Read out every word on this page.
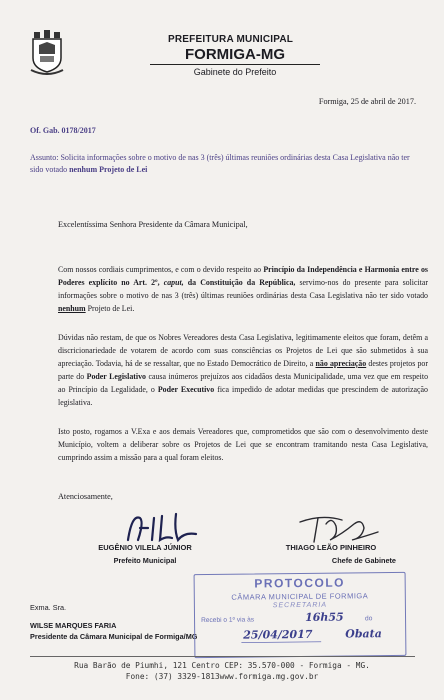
PREFEITURA MUNICIPAL
FORMIGA-MG
Gabinete do Prefeito
Formiga, 25 de abril de 2017.
Of. Gab. 0178/2017
Assunto: Solicita informações sobre o motivo de nas 3 (três) últimas reuniões ordinárias desta Casa Legislativa não ter sido votado nenhum Projeto de Lei
Excelentíssima Senhora Presidente da Câmara Municipal,
Com nossos cordiais cumprimentos, e com o devido respeito ao Princípio da Independência e Harmonia entre os Poderes explícito no Art. 2º, caput, da Constituição da República, servimo-nos do presente para solicitar informações sobre o motivo de nas 3 (três) últimas reuniões ordinárias desta Casa Legislativa não ter sido votado nenhum Projeto de Lei.
Dúvidas não restam, de que os Nobres Vereadores desta Casa Legislativa, legitimamente eleitos que foram, detêm a discricionariedade de votarem de acordo com suas consciências os Projetos de Lei que são submetidos à sua apreciação. Todavia, há de se ressaltar, que no Estado Democrático de Direito, a não apreciação destes projetos por parte do Poder Legislativo causa inúmeros prejuízos aos cidadãos desta Municipalidade, uma vez que em respeito ao Princípio da Legalidade, o Poder Executivo fica impedido de adotar medidas que prescindem de autorização legislativa.
Isto posto, rogamos a V.Exa e aos demais Vereadores que, comprometidos que são com o desenvolvimento deste Município, voltem a deliberar sobre os Projetos de Lei que se encontram tramitando nesta Casa Legislativa, cumprindo assim a missão para a qual foram eleitos.
Atenciosamente,
EUGÊNIO VILELA JÚNIOR
Prefeito Municipal
THIAGO LEÃO PINHEIRO
Chefe de Gabinete
Exma. Sra.
WILSE MARQUES FARIA
Presidente da Câmara Municipal de Formiga/MG
PROTOCOLO
CÂMARA MUNICIPAL DE FORMIGA
SECRETARIA
Recebi o 1º via às	16h55	do
25/04/2017	Obata
Rua Barão de Piumhi, 121 Centro CEP: 35.570-000 - Formiga - MG.
Fone: (37) 3329-1813www.formiga.mg.gov.br
